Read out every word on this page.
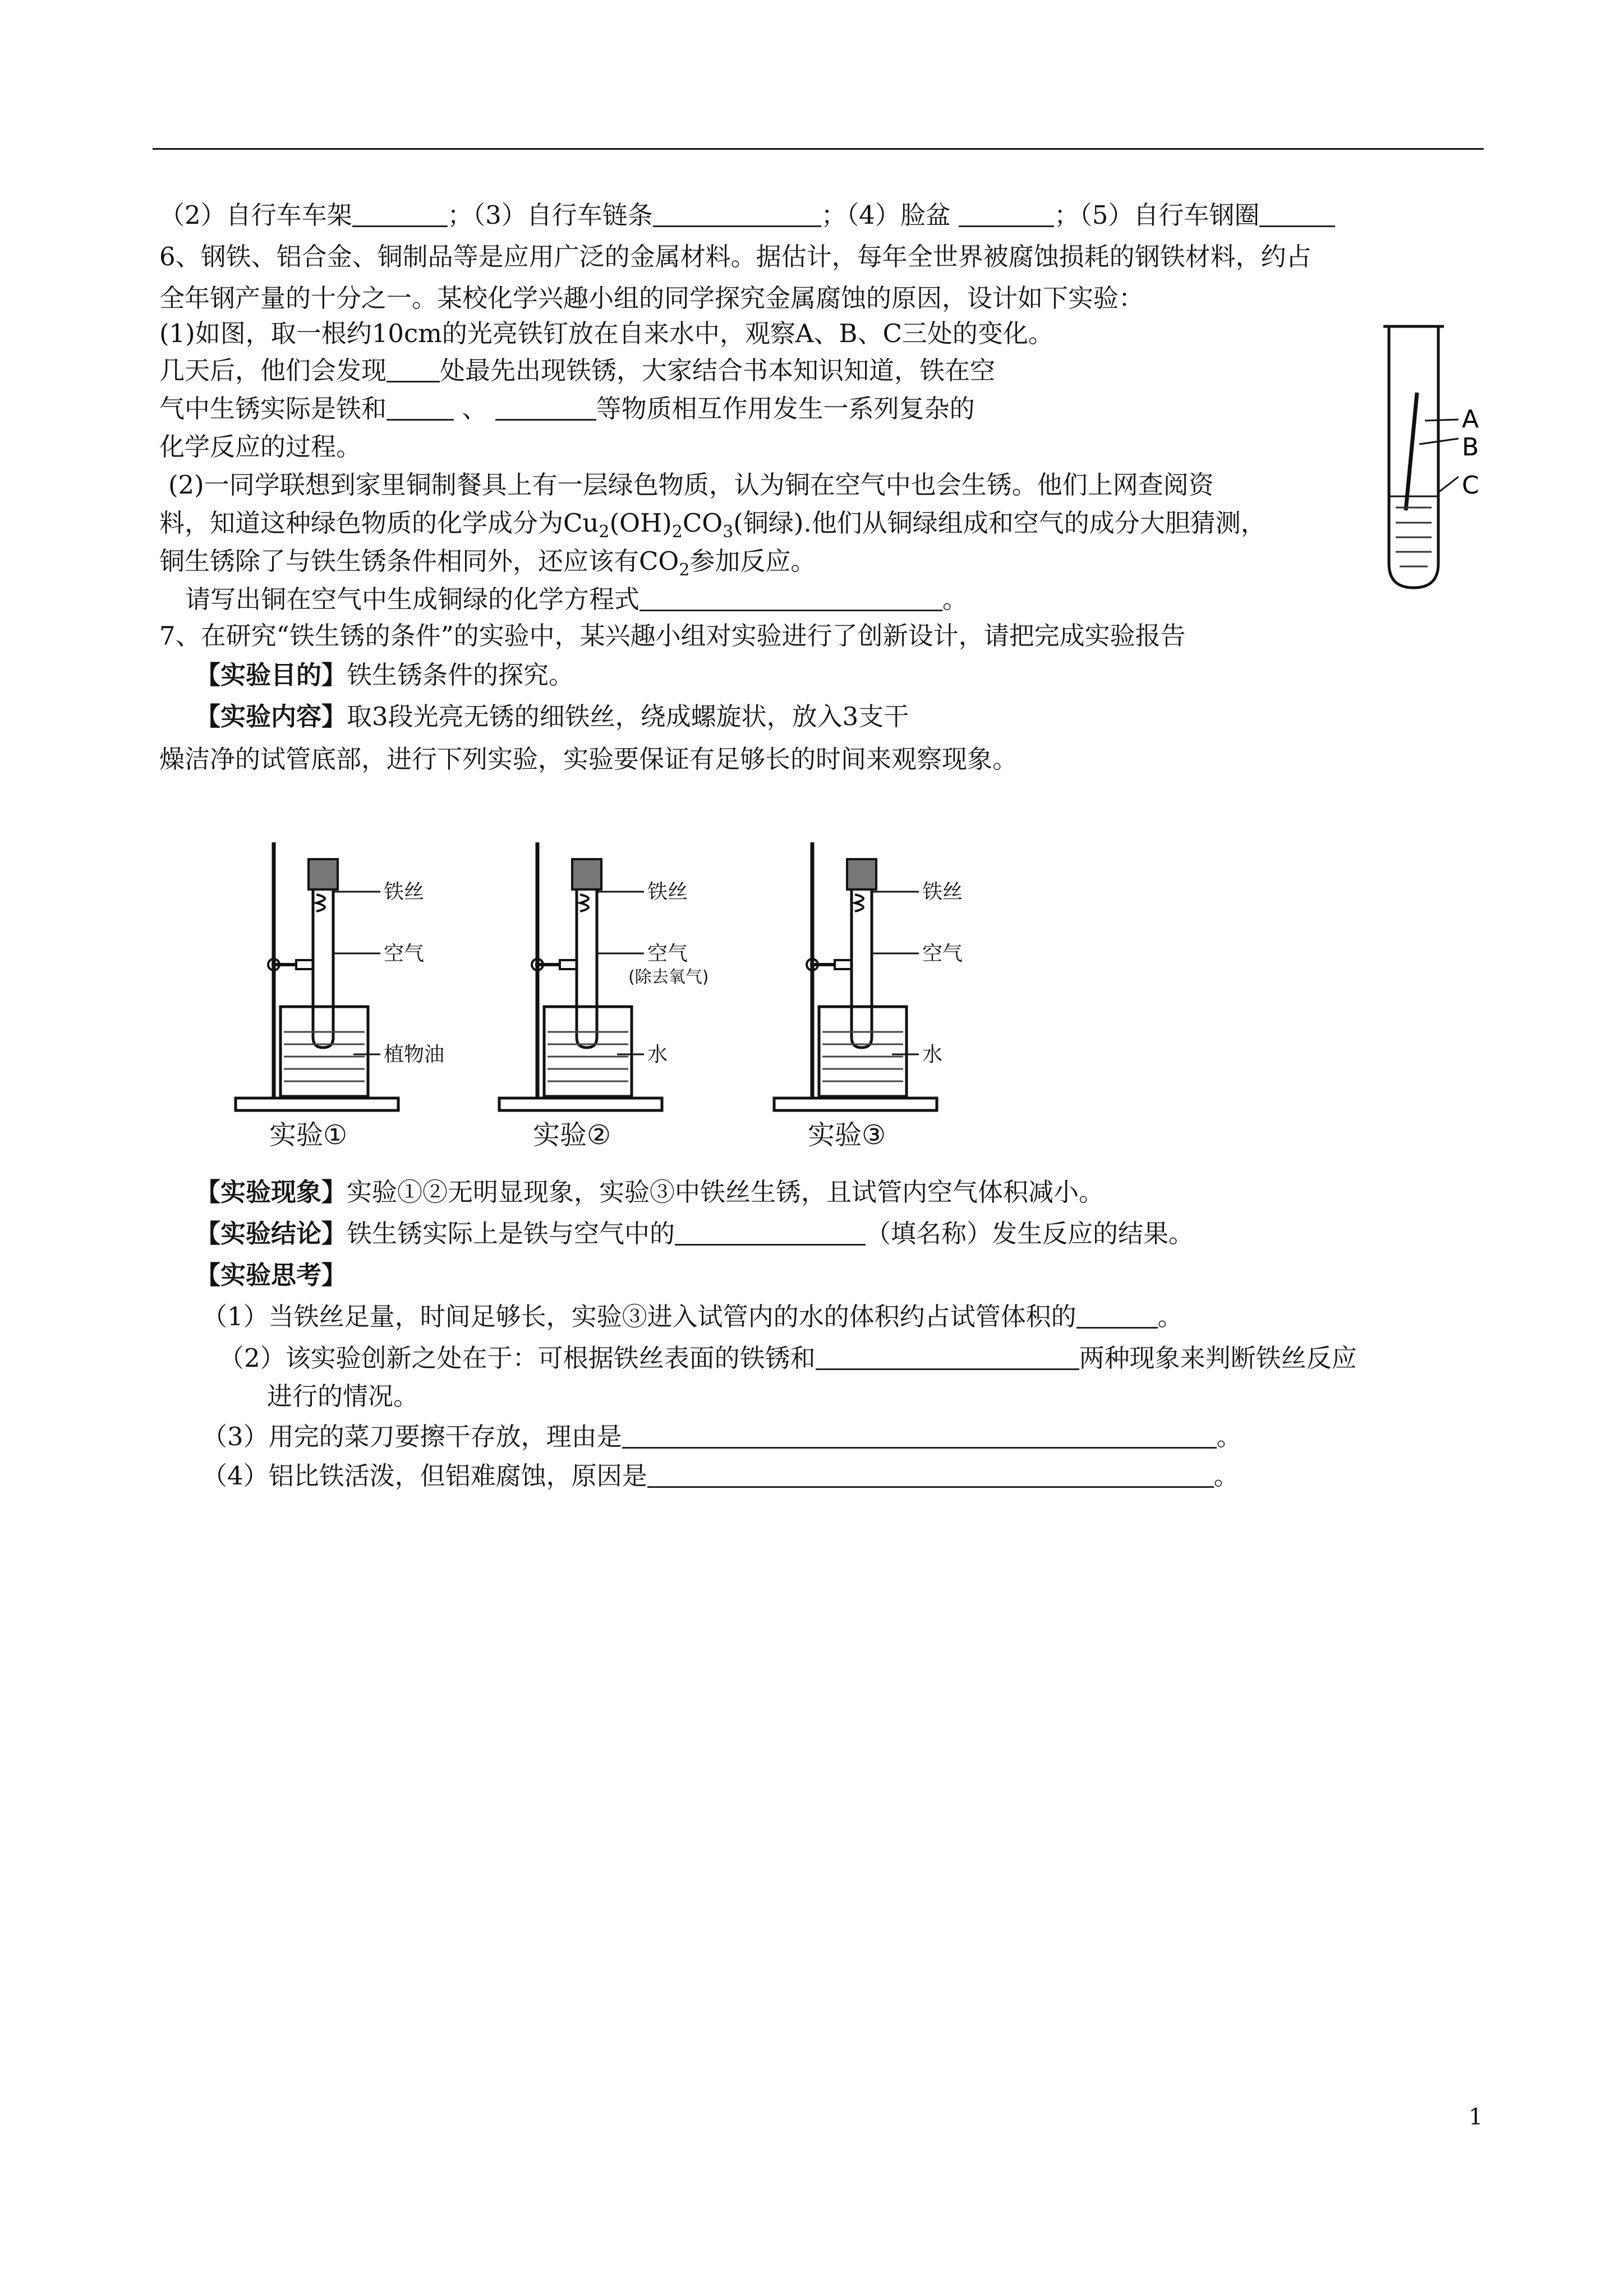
（2）自行车车架	；（3）自行车链条	；（4）脸盆	；（5）自行车钢圈
6、钢铁、铝合金、铜制品等是应用广泛的金属材料。据估计，每年全世界被腐蚀损耗的钢铁材料，约占
全年钢产量的十分之一。某校化学兴趣小组的同学探究金属腐蚀的原因，设计如下实验：
(1)如图，取一根约10cm的光亮铁钉放在自来水中，观察A、B、C三处的变化。
几天后，他们会发现 处最先出现铁锈，大家结合书本知识知道，铁在空
气中生锈实际是铁和	、	等物质相互作用发生一系列复杂的
化学反应的过程。
A
B
C
(2)一同学联想到家里铜制餐具上有一层绿色物质，认为铜在空气中也会生锈。他们上网查阅资
料，知道这种绿色物质的化学成分为$Cu_2(OH)_2CO_3$(铜绿).他们从铜绿组成和空气的成分大胆猜测，
铜生锈除了与铁生锈条件相同外，还应该有$CO_2$参加反应。
请写出铜在空气中生成铜绿的化学方程式	。
7、在研究“铁生锈的条件”的实验中，某兴趣小组对实验进行了创新设计，请把完成实验报告
【实验目的】铁生锈条件的探究。
【实验内容】取3段光亮无锈的细铁丝，绕成螺旋状，放入3支干
燥洁净的试管底部，进行下列实验，实验要保证有足够长的时间来观察现象。
铁丝
空气
植物油
实验①
铁丝
空气
(除去氧气)
水
实验②
铁丝
空气
水
实验③
【实验现象】实验①②无明显现象，实验③中铁丝生锈，且试管内空气体积减小。
【实验结论】铁生锈实际上是铁与空气中的	（填名称）发生反应的结果。
【实验思考】
（1）当铁丝足量，时间足够长，实验③进入试管内的水的体积约占试管体积的	。
（2）该实验创新之处在于：可根据铁丝表面的铁锈和	两种现象来判断铁丝反应
进行的情况。
（3）用完的菜刀要擦干存放，理由是	。
（4）铝比铁活泼，但铝难腐蚀，原因是	。
1
